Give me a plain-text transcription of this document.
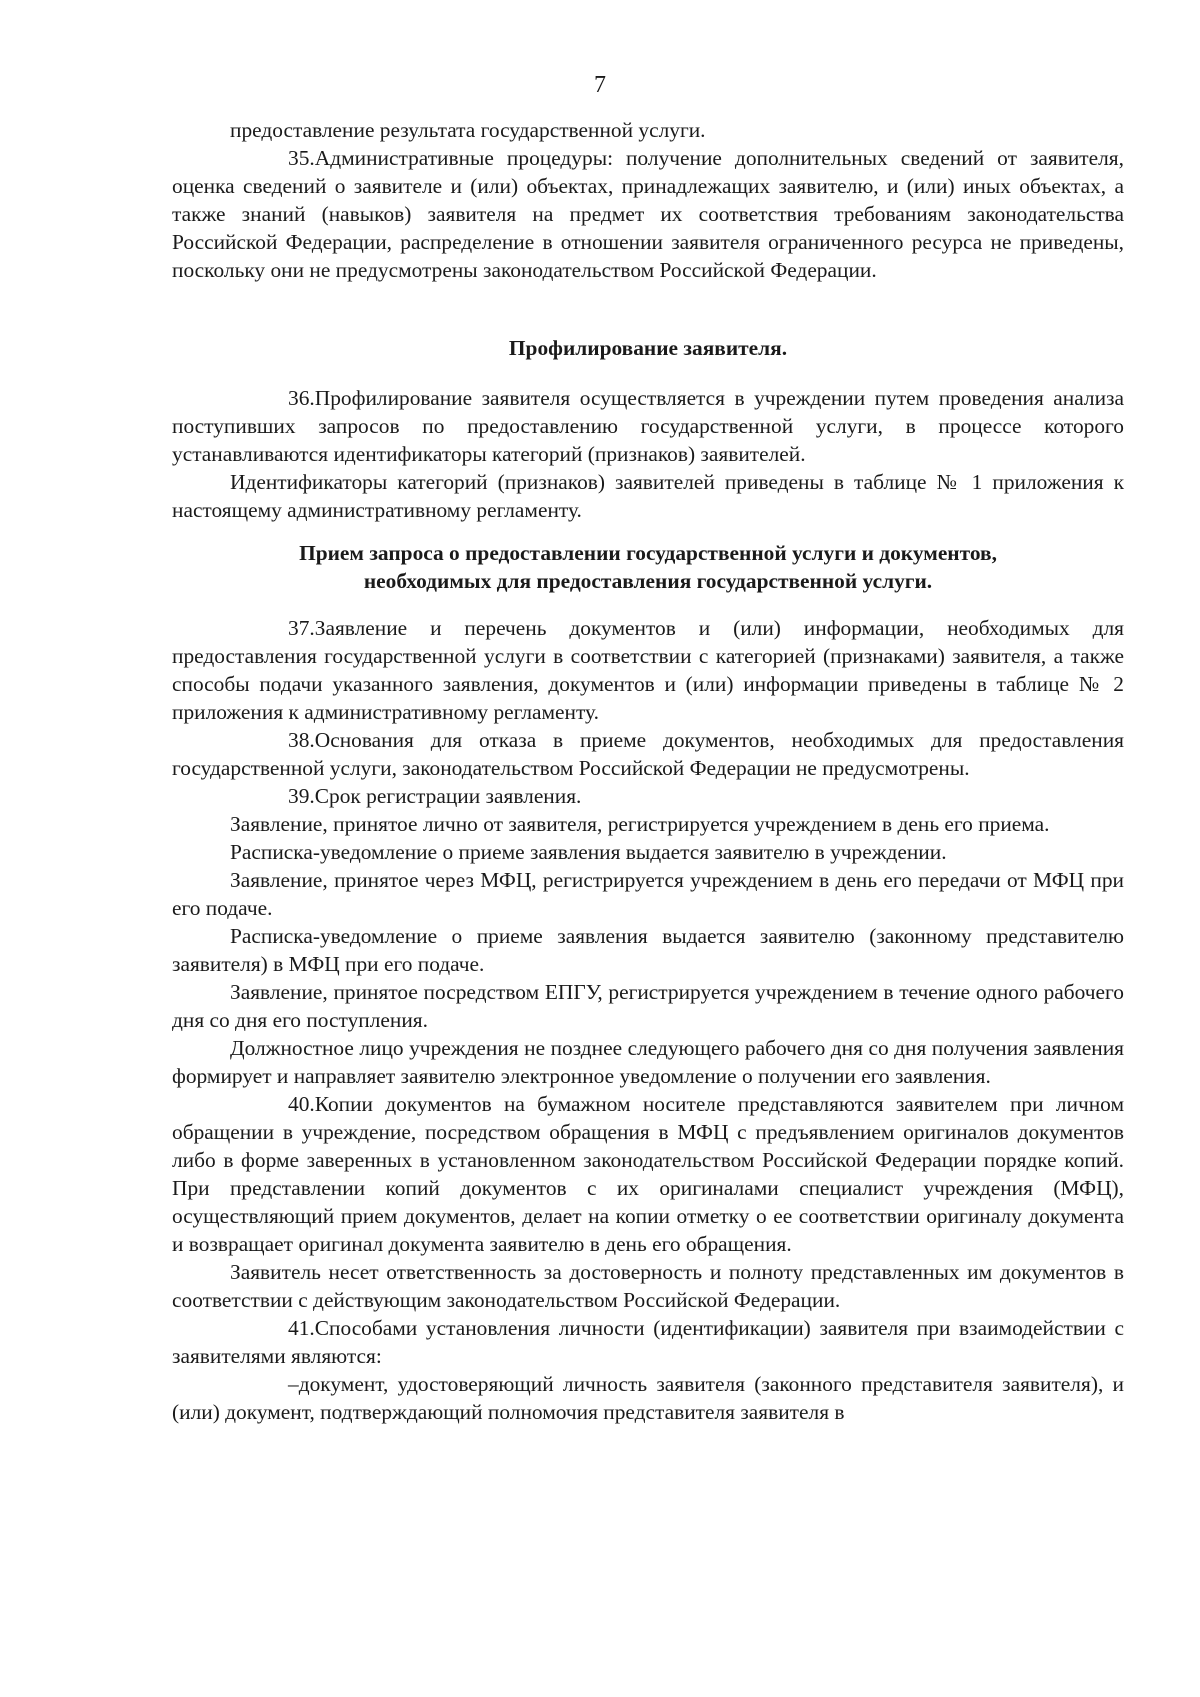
7

предоставление результата государственной услуги.

35.Административные процедуры: получение дополнительных сведений от заявителя, оценка сведений о заявителе и (или) объектах, принадлежащих заявителю, и (или) иных объектах, а также знаний (навыков) заявителя на предмет их соответствия требованиям законодательства Российской Федерации, распределение в отношении заявителя ограниченного ресурса не приведены, поскольку они не предусмотрены законодательством Российской Федерации.

Профилирование заявителя.

36.Профилирование заявителя осуществляется в учреждении путем проведения анализа поступивших запросов по предоставлению государственной услуги, в процессе которого устанавливаются идентификаторы категорий (признаков) заявителей.

Идентификаторы категорий (признаков) заявителей приведены в таблице № 1 приложения к настоящему административному регламенту.

Прием запроса о предоставлении государственной услуги и документов,
необходимых для предоставления государственной услуги.

37.Заявление и перечень документов и (или) информации, необходимых для предоставления государственной услуги в соответствии с категорией (признаками) заявителя, а также способы подачи указанного заявления, документов и (или) информации приведены в таблице № 2 приложения к административному регламенту.

38.Основания для отказа в приеме документов, необходимых для предоставления государственной услуги, законодательством Российской Федерации не предусмотрены.

39.Срок регистрации заявления.

Заявление, принятое лично от заявителя, регистрируется учреждением в день его приема.

Расписка-уведомление о приеме заявления выдается заявителю в учреждении.

Заявление, принятое через МФЦ, регистрируется учреждением в день его передачи от МФЦ при его подаче.

Расписка-уведомление о приеме заявления выдается заявителю (законному представителю заявителя) в МФЦ при его подаче.

Заявление, принятое посредством ЕПГУ, регистрируется учреждением в течение одного рабочего дня со дня его поступления.

Должностное лицо учреждения не позднее следующего рабочего дня со дня получения заявления формирует и направляет заявителю электронное уведомление о получении его заявления.

40.Копии документов на бумажном носителе представляются заявителем при личном обращении в учреждение, посредством обращения в МФЦ с предъявлением оригиналов документов либо в форме заверенных в установленном законодательством Российской Федерации порядке копий. При представлении копий документов с их оригиналами специалист учреждения (МФЦ), осуществляющий прием документов, делает на копии отметку о ее соответствии оригиналу документа и возвращает оригинал документа заявителю в день его обращения.

Заявитель несет ответственность за достоверность и полноту представленных им документов в соответствии с действующим законодательством Российской Федерации.

41.Способами установления личности (идентификации) заявителя при взаимодействии с заявителями являются:

–документ, удостоверяющий личность заявителя (законного представителя заявителя), и (или) документ, подтверждающий полномочия представителя заявителя в
